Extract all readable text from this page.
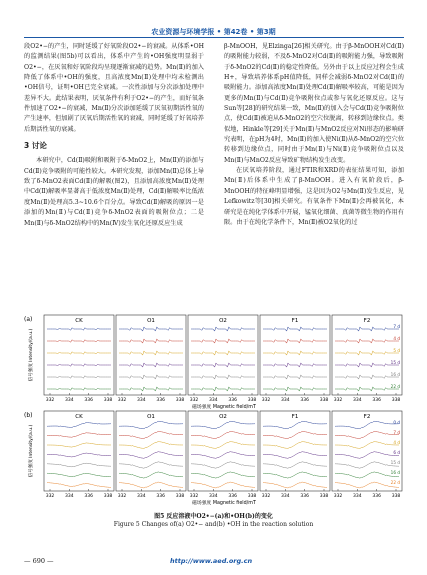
农业资源与环境学报 • 第42卷 • 第3期

段O2•−的产生，同时延缓了好氧阶段O2•−的衰减。从体系•OH的监测结果(图5b)可以看出，体系中产生的•OH强度明显弱于O2•−，在厌氧和好氧阶段均呈现逐渐衰减的趋势。Mn(Ⅱ)的加入降低了体系中•OH的强度，且高浓度Mn(Ⅱ)处理中均未检测出•OH信号，证明•OH已完全衰减。一次性添加与分次添加处理中差异不大。此结果表明，厌氧条件有利于O2•−的产生，而好氧条件加速了O2•−的衰减，Mn(Ⅱ)分次添加延缓了厌氧初期活性氧的产生速率，但加剧了厌氧后期活性氧的衰减，同时延缓了好氧培养后期活性氧的衰减。

3 讨论

本研究中，Cd(Ⅱ)吸附和吸附于δ-MnO2上，Mn(Ⅱ)的添加与Cd(Ⅱ)竞争吸附的可能性较大。本研究发现，添加Mn(Ⅱ)总体上导致了δ-MnO2表面Cd(Ⅱ)的解吸(图2)，且添加高浓度Mn(Ⅱ)处理中Cd(Ⅱ)解吸率显著高于低浓度Mn(Ⅱ)处理，Cd(Ⅱ)解吸率比低浓度Mn(Ⅱ)处理高5.3~10.6个百分点。导致Cd(Ⅱ)解吸的原因一是添加的Mn(Ⅱ)与Cd(Ⅱ)竞争δ-MnO2表面的吸附位点；二是Mn(Ⅱ)与δ-MnO2结构中的Mn(Ⅳ)发生氧化还原反应生成

β-MnOOH，见Elzinga[26]相关研究。由于β-MnOOH对Cd(Ⅱ)的吸附能力较弱，不及δ-MnO2对Cd(Ⅱ)的吸附能力强，导致吸附于δ-MnO2的Cd(Ⅱ)的稳定性降低。另外由于以上反应过程会生成H+，导致培养体系pH值降低，同样会减弱δ-MnO2对Cd(Ⅱ)的吸附能力。添加高浓度Mn(Ⅱ)处理Cd(Ⅱ)解吸率较高，可能是因为更多的Mn(Ⅱ)与Cd(Ⅱ)竞争吸附位点或参与氧化还原反应。这与Sun等[28]的研究结果一致，Mn(Ⅱ)的加入会与Cd(Ⅱ)竞争吸附位点，使Cd(Ⅱ)被迫从δ-MnO2的空穴位脱离，转移到边缘位点。类似地，Hinkle等[29]关于Mn(Ⅱ)与MnO2反应对Ni形态的影响研究表明，在pH为4时，Mn(Ⅱ)的加入使Ni(Ⅱ)从δ-MnO2的空穴位转移到边缘位点，同时由于Mn(Ⅱ)与Ni(Ⅱ)竞争吸附位点以及Mn(Ⅱ)与MnO2反应导致矿物结构发生改变。

在厌氧培养阶段，通过FTIR和XRD的表征结果可知，添加Mn(Ⅱ)后体系中生成了β-MnOOH。进入有氧阶段后，β-MnOOH的特征峰明显增强，这是因为O2与Mn(Ⅱ)发生反应，见Lefkowitz等[30]相关研究。有氧条件下Mn(Ⅱ)会再被氧化，本研究是在纯化学体系中开展，锰氧化细菌、真菌等微生物的作用有限。由于在纯化学条件下，Mn(Ⅱ)被O2氧化的过

(a)
信号强度 Intensity/(a.u.)
CK
332 334 336 338
O1
332 334 336 338
O2
332 334 336 338
F1
332 334 336 338
F2
332 334 336 338
7 d
4 d
5 d
15 d
16 d
22 d
磁场强度 Magnetic field/mT
(b)
信号强度 Intensity/(a.u.)
CK
332 334 336 338
O1
332 334 336 338
O2
332 334 336 338
F1
332 334 336 338
F2
332 334 336 338
0 d
7 d
4 d
6 d
15 d
16 d
22 d
磁场强度 Magnetic field/mT
图5 反应溶液中O2•−(a)和•OH(b)的变化
Figure 5 Changes of(a) O2•− and(b) •OH in the reaction solution
— 690 —	http://www.aed.org.cn
